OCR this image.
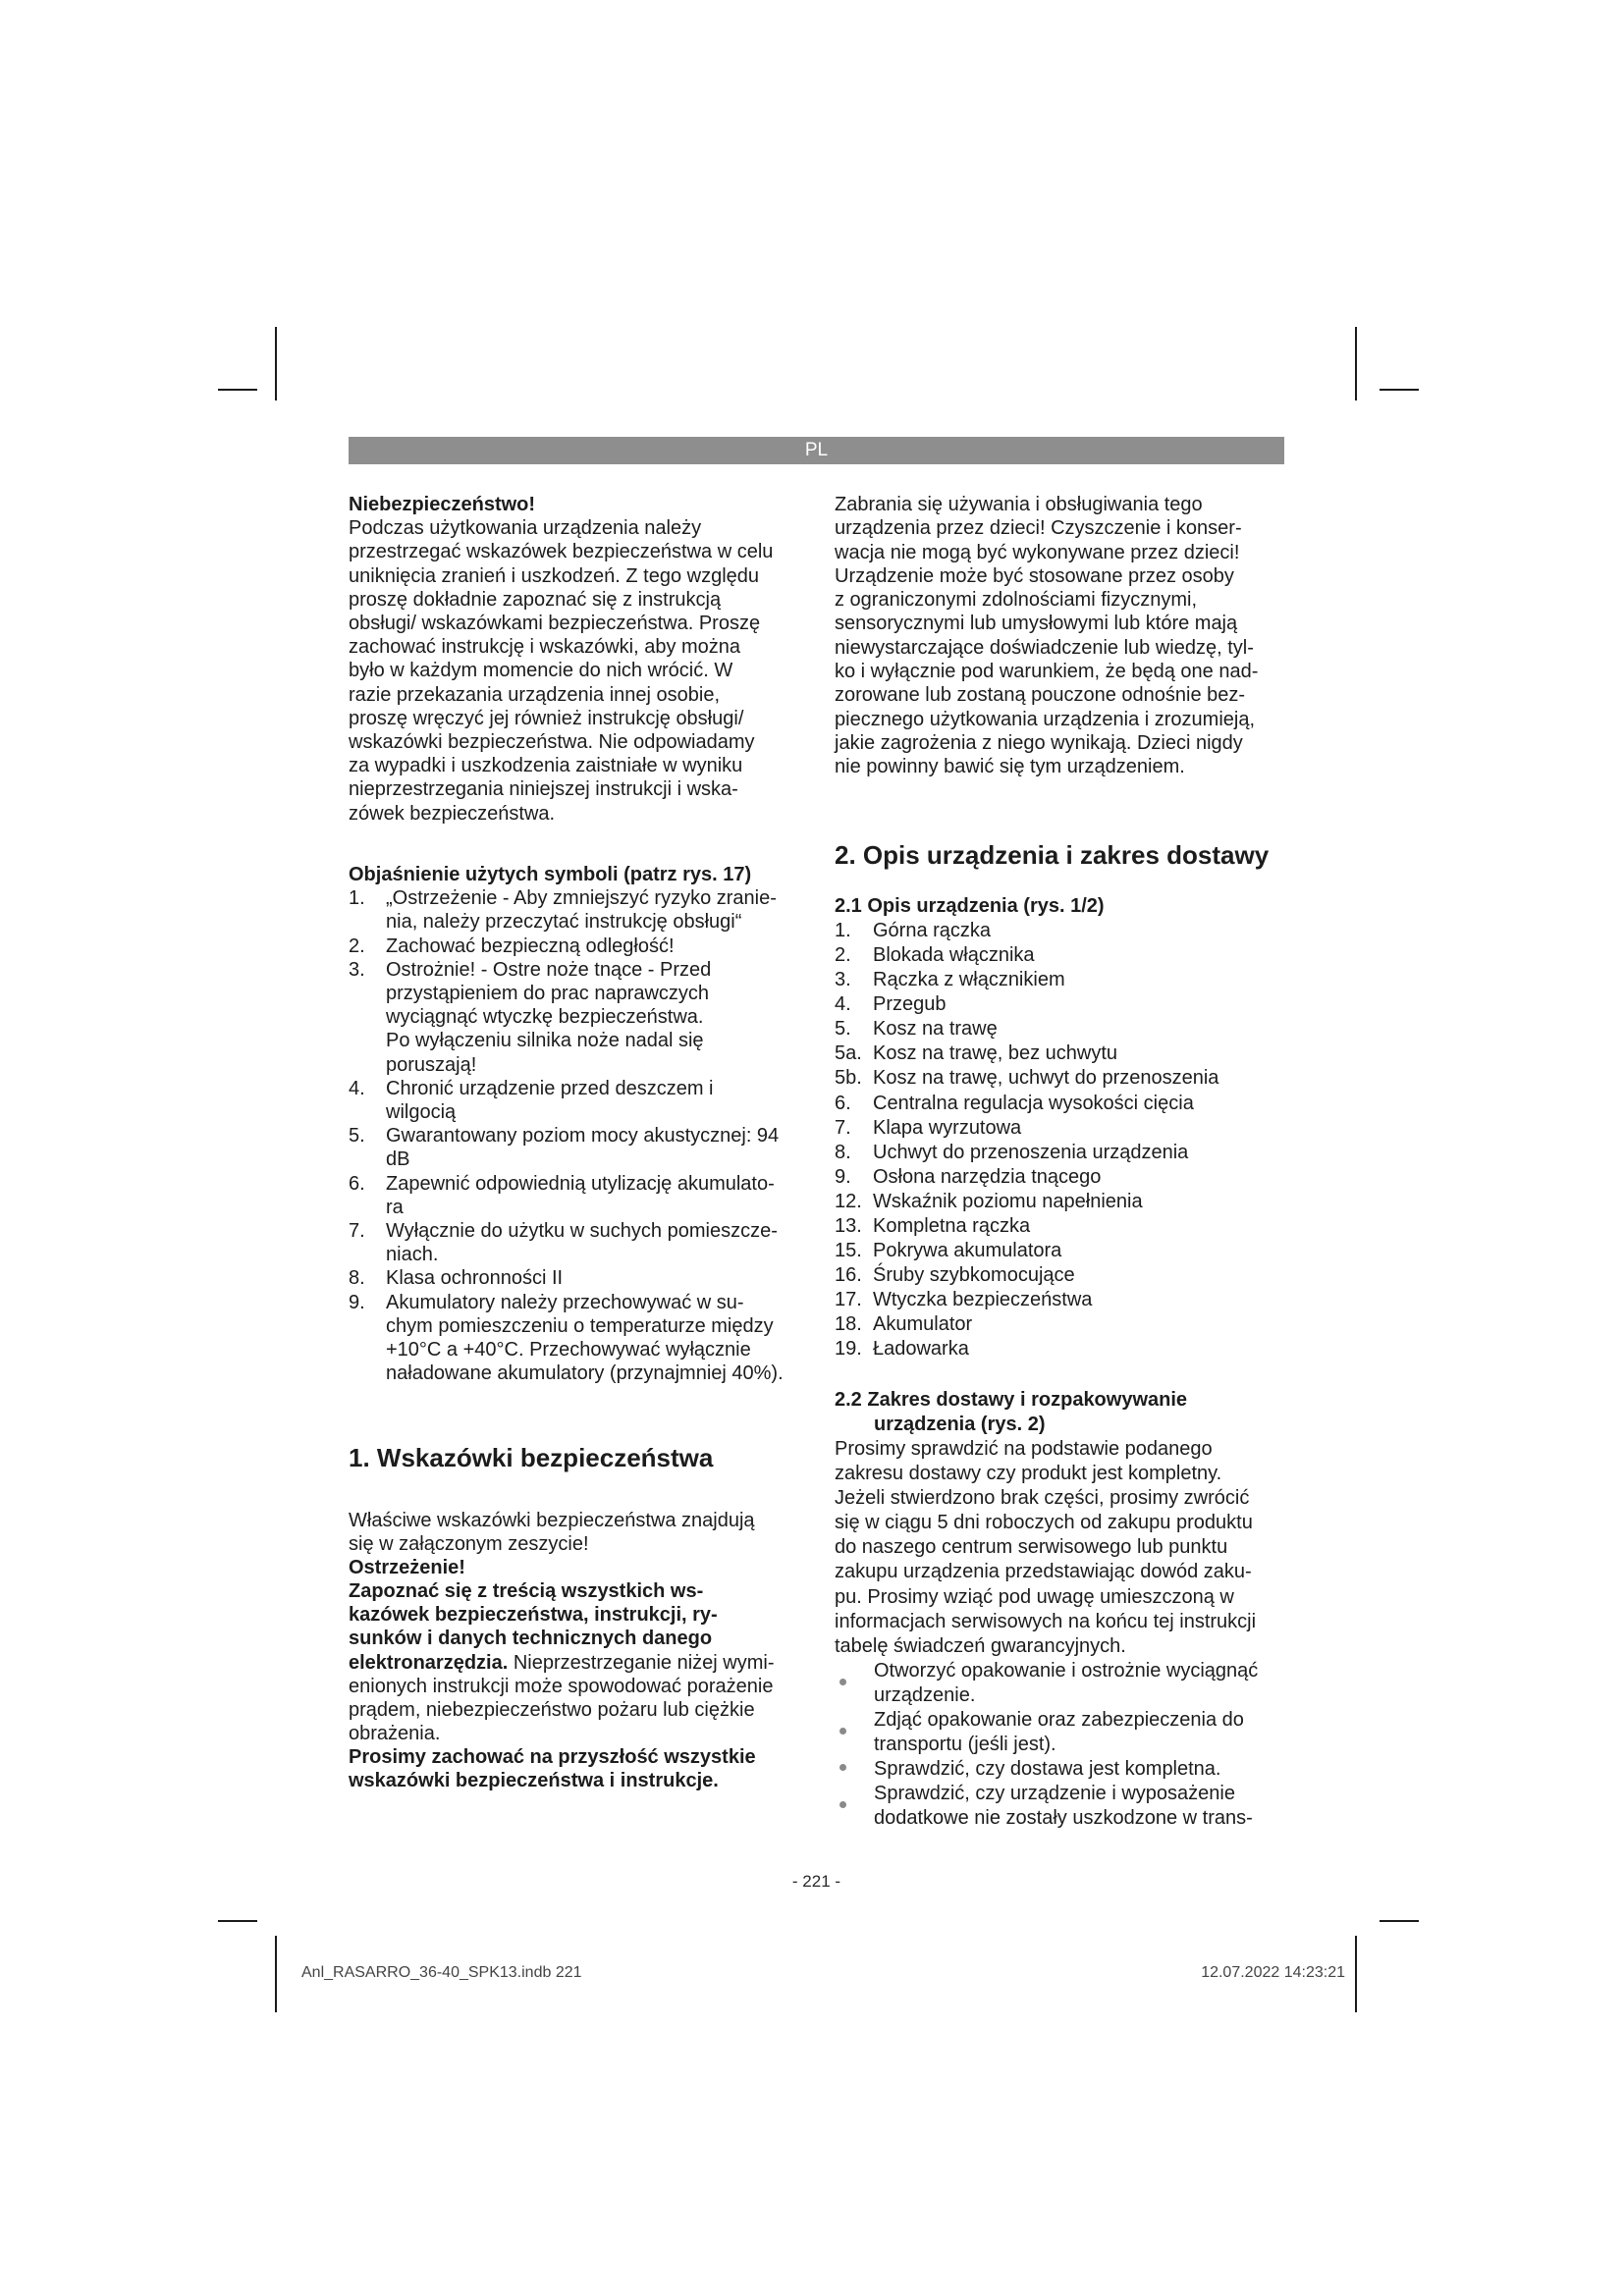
PL
Niebezpieczeństwo!
Podczas użytkowania urządzenia należy
przestrzegać wskazówek bezpieczeństwa w celu
uniknięcia zranień i uszkodzeń. Z tego względu
proszę dokładnie zapoznać się z instrukcją
obsługi/ wskazówkami bezpieczeństwa. Proszę
zachować instrukcję i wskazówki, aby można
było w każdym momencie do nich wrócić. W
razie przekazania urządzenia innej osobie,
proszę wręczyć jej również instrukcję obsługi/
wskazówki bezpieczeństwa. Nie odpowiadamy
za wypadki i uszkodzenia zaistniałe w wyniku
nieprzestrzegania niniejszej instrukcji i wska-
zówek bezpieczeństwa.
Objaśnienie użytych symboli (patrz rys. 17)
1.	„Ostrzeżenie - Aby zmniejszyć ryzyko zranie-
nia, należy przeczytać instrukcję obsługi“
2.	Zachować bezpieczną odległość!
3.	Ostrożnie! - Ostre noże tnące - Przed
przystąpieniem do prac naprawczych
wyciągnąć wtyczkę bezpieczeństwa.
Po wyłączeniu silnika noże nadal się
poruszają!
4.	Chronić urządzenie przed deszczem i
wilgocią
5.	Gwarantowany poziom mocy akustycznej: 94
dB
6.	Zapewnić odpowiednią utylizację akumulato-
ra
7.	Wyłącznie do użytku w suchych pomieszcze-
niach.
8.	Klasa ochronności II
9.	Akumulatory należy przechowywać w su-
chym pomieszczeniu o temperaturze między
+10°C a +40°C. Przechowywać wyłącznie
naładowane akumulatory (przynajmniej 40%).
1. Wskazówki bezpieczeństwa
Właściwe wskazówki bezpieczeństwa znajdują
się w załączonym zeszycie!
Ostrzeżenie!
Zapoznać się z treścią wszystkich ws-
kazówek bezpieczeństwa, instrukcji, ry-
sunków i danych technicznych danego
elektronarzędzia. Nieprzestrzeganie niżej wymi-
enionych instrukcji może spowodować porażenie
prądem, niebezpieczeństwo pożaru lub ciężkie
obrażenia.
Prosimy zachować na przyszłość wszystkie
wskazówki bezpieczeństwa i instrukcje.
Zabrania się używania i obsługiwania tego
urządzenia przez dzieci! Czyszczenie i konser-
wacja nie mogą być wykonywane przez dzieci!
Urządzenie może być stosowane przez osoby
z ograniczonymi zdolnościami fizycznymi,
sensorycznymi lub umysłowymi lub które mają
niewystarczające doświadczenie lub wiedzę, tyl-
ko i wyłącznie pod warunkiem, że będą one nad-
zorowane lub zostaną pouczone odnośnie bez-
piecznego użytkowania urządzenia i zrozumieją,
jakie zagrożenia z niego wynikają. Dzieci nigdy
nie powinny bawić się tym urządzeniem.
2. Opis urządzenia i zakres dostawy
2.1 Opis urządzenia (rys. 1/2)
1. Górna rączka
2. Blokada włącznika
3. Rączka z włącznikiem
4. Przegub
5. Kosz na trawę
5a. Kosz na trawę, bez uchwytu
5b. Kosz na trawę, uchwyt do przenoszenia
6. Centralna regulacja wysokości cięcia
7. Klapa wyrzutowa
8. Uchwyt do przenoszenia urządzenia
9. Osłona narzędzia tnącego
12. Wskaźnik poziomu napełnienia
13. Kompletna rączka
15. Pokrywa akumulatora
16. Śruby szybkomocujące
17. Wtyczka bezpieczeństwa
18. Akumulator
19. Ładowarka
2.2 Zakres dostawy i rozpakowywanie
urządzenia (rys. 2)
Prosimy sprawdzić na podstawie podanego
zakresu dostawy czy produkt jest kompletny.
Jeżeli stwierdzono brak części, prosimy zwrócić
się w ciągu 5 dni roboczych od zakupu produktu
do naszego centrum serwisowego lub punktu
zakupu urządzenia przedstawiając dowód zaku-
pu. Prosimy wziąć pod uwagę umieszczoną w
informacjach serwisowych na końcu tej instrukcji
tabelę świadczeń gwarancyjnych.
Otworzyć opakowanie i ostrożnie wyciągnąć
urządzenie.
Zdjąć opakowanie oraz zabezpieczenia do
transportu (jeśli jest).
Sprawdzić, czy dostawa jest kompletna.
Sprawdzić, czy urządzenie i wyposażenie
dodatkowe nie zostały uszkodzone w trans-
- 221 -
Anl_RASARRO_36-40_SPK13.indb 221	12.07.2022 14:23:21
